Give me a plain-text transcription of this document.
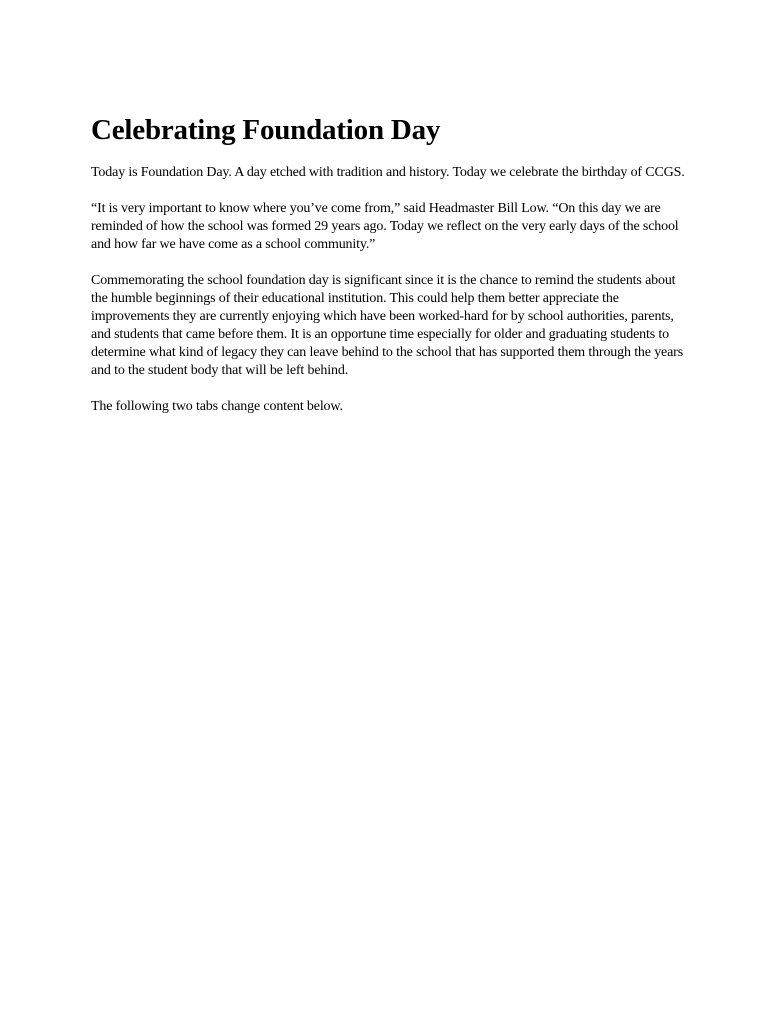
Celebrating Foundation Day

Today is Foundation Day. A day etched with tradition and history. Today we celebrate the birthday of CCGS.

“It is very important to know where you’ve come from,” said Headmaster Bill Low. “On this day we are reminded of how the school was formed 29 years ago. Today we reflect on the very early days of the school and how far we have come as a school community.”

Commemorating the school foundation day is significant since it is the chance to remind the students about the humble beginnings of their educational institution. This could help them better appreciate the improvements they are currently enjoying which have been worked-hard for by school authorities, parents, and students that came before them. It is an opportune time especially for older and graduating students to determine what kind of legacy they can leave behind to the school that has supported them through the years and to the student body that will be left behind.

The following two tabs change content below.
